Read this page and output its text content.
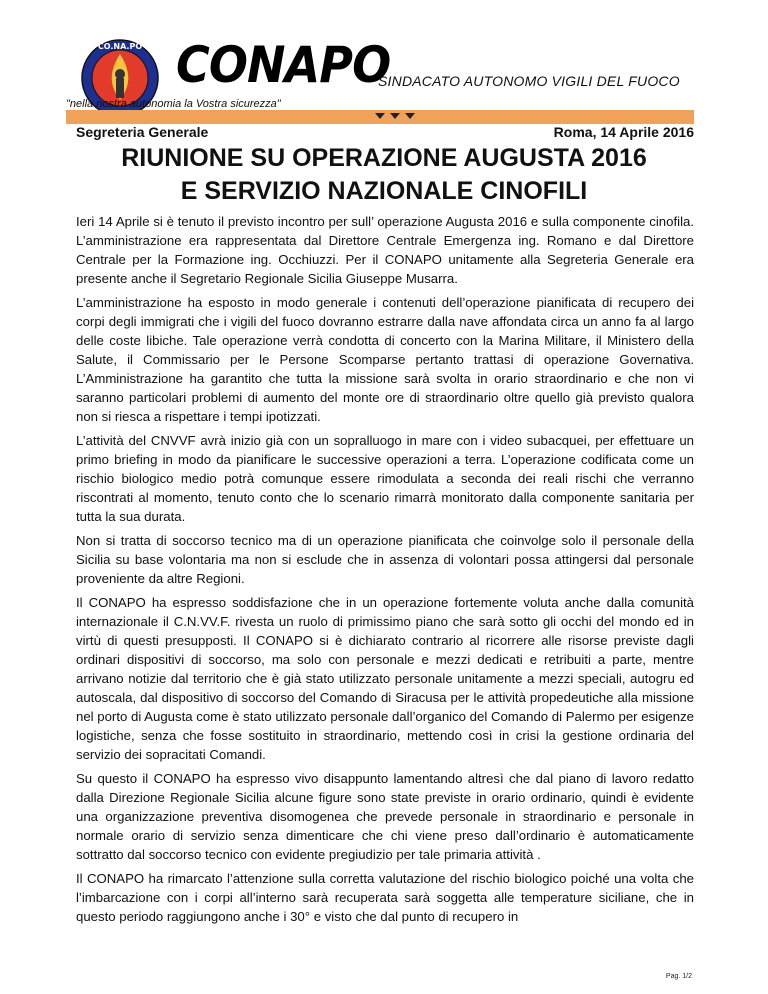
CO.NA.PO CONAPO
SINDACATO AUTONOMO VIGILI DEL FUOCO
"nella nostra autonomia la Vostra sicurezza"
Segreteria Generale	Roma, 14 Aprile 2016
RIUNIONE SU OPERAZIONE AUGUSTA 2016
E SERVIZIO NAZIONALE CINOFILI

Ieri 14 Aprile si è tenuto il previsto incontro per sull’ operazione Augusta 2016 e sulla componente cinofila. L’amministrazione era rappresentata dal Direttore Centrale Emergenza ing. Romano e dal Direttore Centrale per la Formazione ing. Occhiuzzi. Per il CONAPO unitamente alla Segreteria Generale era presente anche il Segretario Regionale Sicilia Giuseppe Musarra.

L’amministrazione ha esposto in modo generale i contenuti dell’operazione pianificata di recupero dei corpi degli immigrati che i vigili del fuoco dovranno estrarre dalla nave affondata circa un anno fa al largo delle coste libiche. Tale operazione verrà condotta di concerto con la Marina Militare, il Ministero della Salute, il Commissario per le Persone Scomparse pertanto trattasi di operazione Governativa. L’Amministrazione ha garantito che tutta la missione sarà svolta in orario straordinario e che non vi saranno particolari problemi di aumento del monte ore di straordinario oltre quello già previsto qualora non si riesca a rispettare i tempi ipotizzati.

L’attività del CNVVF avrà inizio già con un sopralluogo in mare con i video subacquei, per effettuare un primo briefing in modo da pianificare le successive operazioni a terra. L’operazione codificata come un rischio biologico medio potrà comunque essere rimodulata a seconda dei reali rischi che verranno riscontrati al momento, tenuto conto che lo scenario rimarrà monitorato dalla componente sanitaria per tutta la sua durata.

Non si tratta di soccorso tecnico ma di un operazione pianificata che coinvolge solo il personale della Sicilia su base volontaria ma non si esclude che in assenza di volontari possa attingersi dal personale proveniente da altre Regioni.

Il CONAPO ha espresso soddisfazione che in un operazione fortemente voluta anche dalla comunità internazionale il C.N.VV.F. rivesta un ruolo di primissimo piano che sarà sotto gli occhi del mondo ed in virtù di questi presupposti. Il CONAPO si è dichiarato contrario al ricorrere alle risorse previste dagli ordinari dispositivi di soccorso, ma solo con personale e mezzi dedicati e retribuiti a parte, mentre arrivano notizie dal territorio che è già stato utilizzato personale unitamente a mezzi speciali, autogru ed autoscala, dal dispositivo di soccorso del Comando di Siracusa per le attività propedeutiche alla missione nel porto di Augusta come è stato utilizzato personale dall’organico del Comando di Palermo per esigenze logistiche, senza che fosse sostituito in straordinario, mettendo così in crisi la gestione ordinaria del servizio dei sopracitati Comandi.

Su questo il CONAPO ha espresso vivo disappunto lamentando altresì che dal piano di lavoro redatto dalla Direzione Regionale Sicilia alcune figure sono state previste in orario ordinario, quindi è evidente una organizzazione preventiva disomogenea che prevede personale in straordinario e personale in normale orario di servizio senza dimenticare che chi viene preso dall’ordinario è automaticamente sottratto dal soccorso tecnico con evidente pregiudizio per tale primaria attività .

Il CONAPO ha rimarcato l’attenzione sulla corretta valutazione del rischio biologico poiché una volta che l’imbarcazione con i corpi all’interno sarà recuperata sarà soggetta alle temperature siciliane, che in questo periodo raggiungono anche i 30° e visto che dal punto di recupero in

Pag. 1/2
